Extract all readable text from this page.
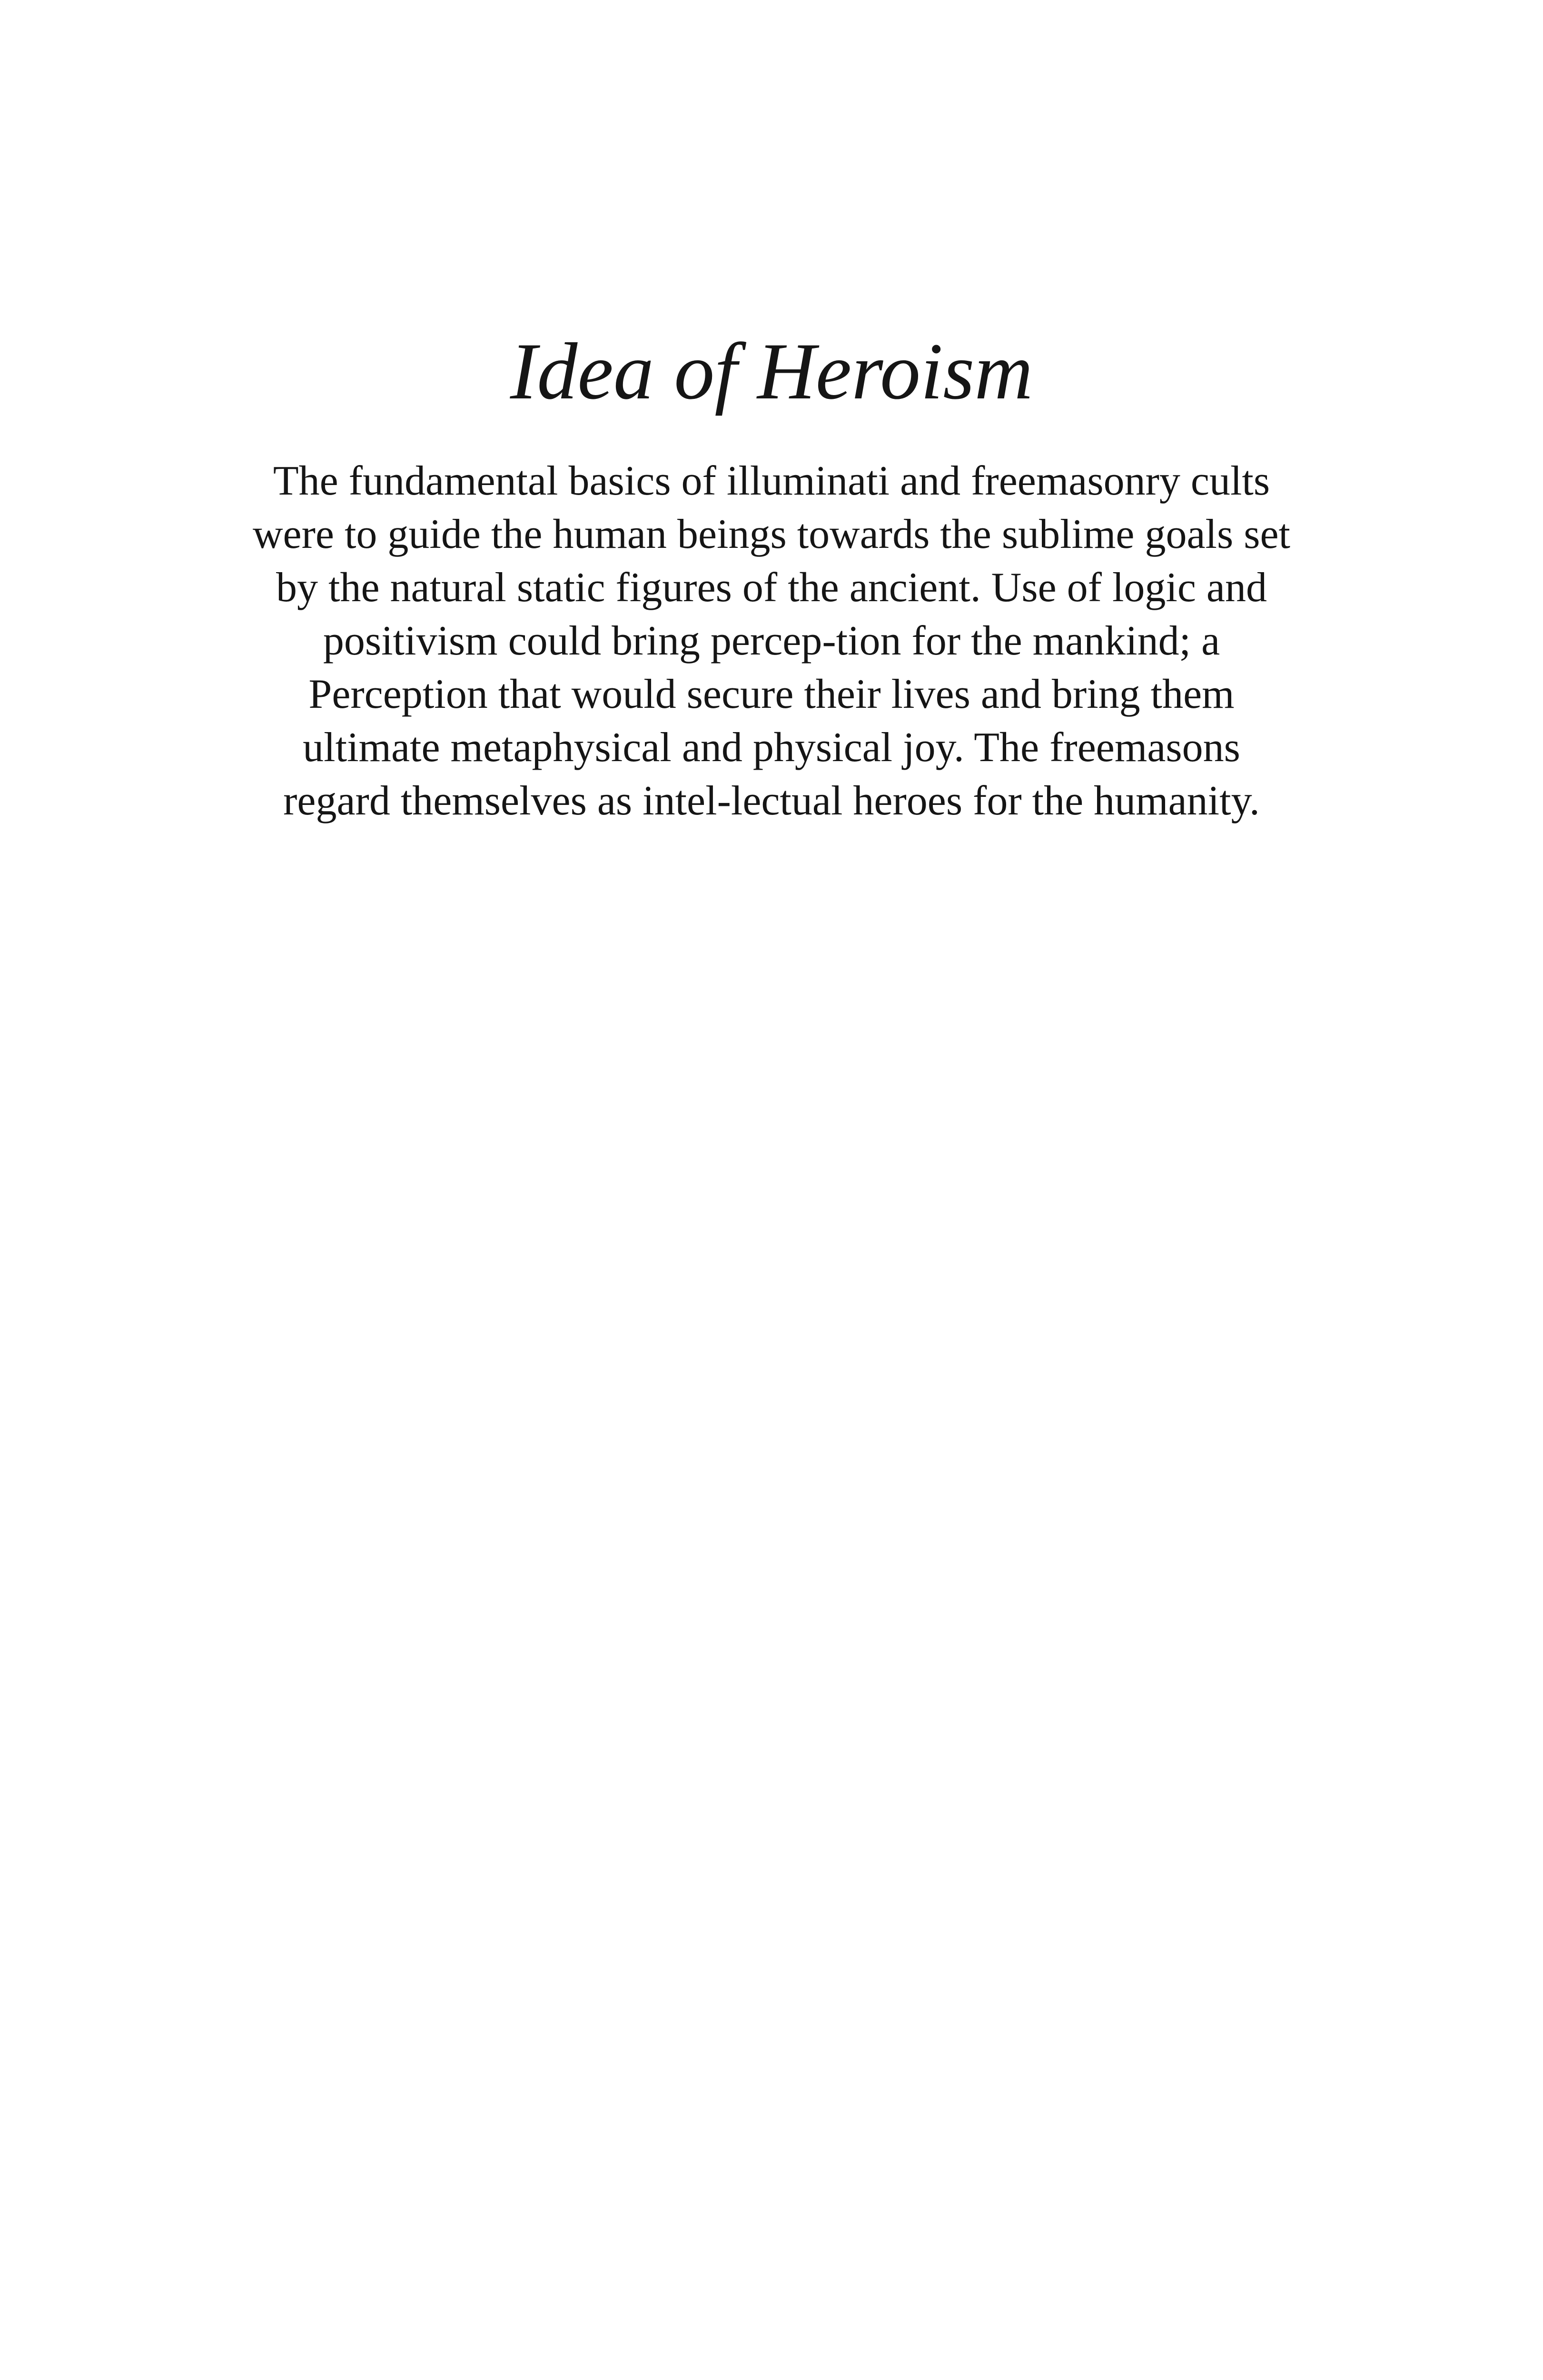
Idea of Heroism

The fundamental basics of illuminati and freemasonry cults
were to guide the human beings towards the sublime goals set
by the natural static figures of the ancient. Use of logic and
positivism could bring percep-tion for the mankind; a
Perception that would secure their lives and bring them
ultimate metaphysical and physical joy. The freemasons
regard themselves as intel-lectual heroes for the humanity.
